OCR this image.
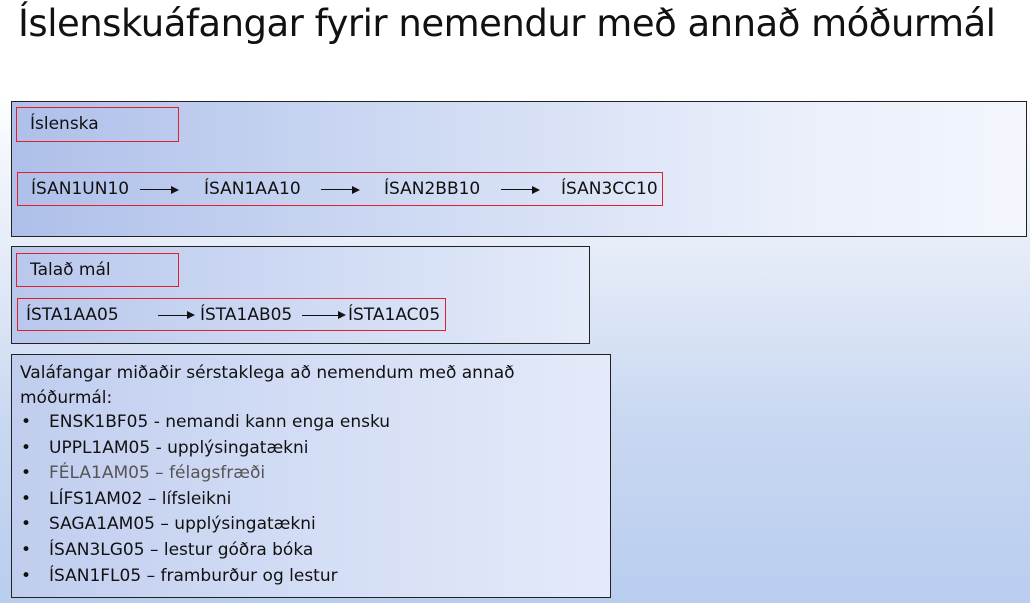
Íslenskuáfangar fyrir nemendur með annað móðurmál
Íslenska
ÍSAN1UN10	ÍSAN1AA10	ÍSAN2BB10	ÍSAN3CC10
Talað mál
ÍSTA1AA05	ÍSTA1AB05	ÍSTA1AC05
Valáfangar miðaðir sérstaklega að nemendum með annað móðurmál:
• ENSK1BF05 - nemandi kann enga ensku
• UPPL1AM05 - upplýsingatækni
• FÉLA1AM05 – félagsfræði
• LÍFS1AM02 – lífsleikni
• SAGA1AM05 – upplýsingatækni
• ÍSAN3LG05 – lestur góðra bóka
• ÍSAN1FL05 – framburður og lestur
